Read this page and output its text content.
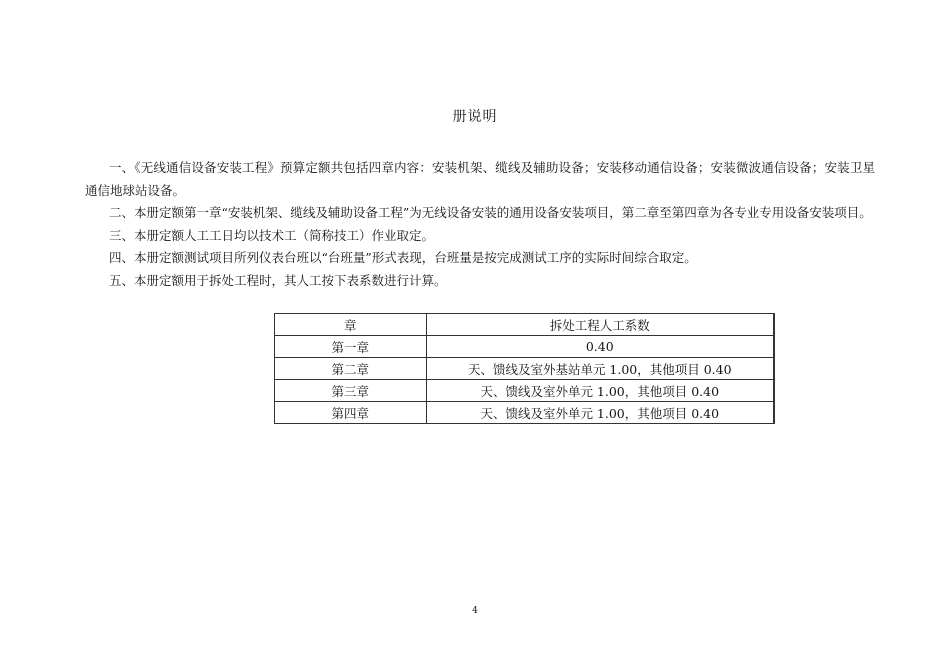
册说明

一、《无线通信设备安装工程》预算定额共包括四章内容：安装机架、缆线及辅助设备；安装移动通信设备；安装微波通信设备；安装卫星通信地球站设备。

二、本册定额第一章“安装机架、缆线及辅助设备工程”为无线设备安装的通用设备安装项目，第二章至第四章为各专业专用设备安装项目。

三、本册定额人工工日均以技术工（简称技工）作业取定。

四、本册定额测试项目所列仪表台班以“台班量”形式表现，台班量是按完成测试工序的实际时间综合取定。

五、本册定额用于拆处工程时，其人工按下表系数进行计算。

章	拆处工程人工系数
第一章	0.40
第二章	天、馈线及室外基站单元 1.00，其他项目 0.40
第三章	天、馈线及室外单元 1.00，其他项目 0.40
第四章	天、馈线及室外单元 1.00，其他项目 0.40
4
